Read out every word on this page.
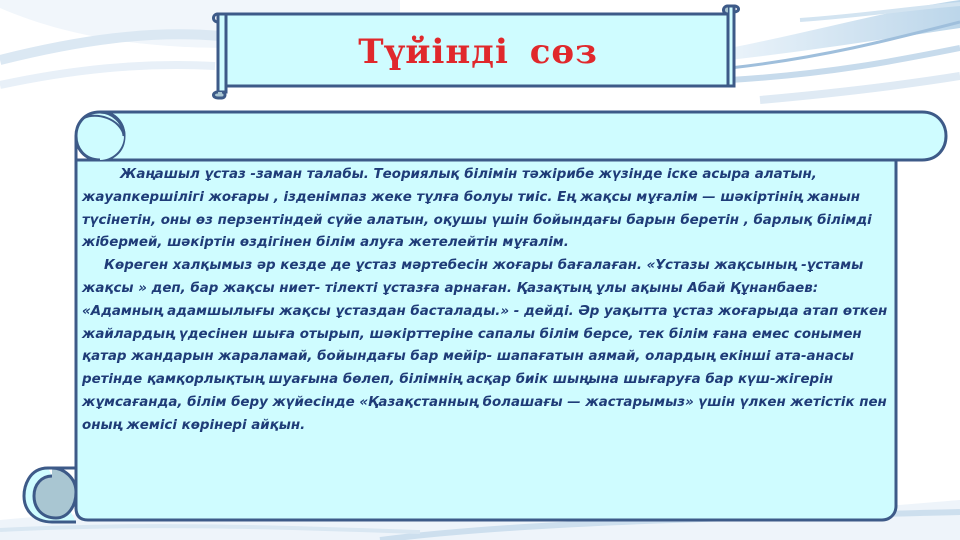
Түйінді сөз

Жаңашыл ұстаз -заман талабы. Теориялық білімін тәжірибе жүзінде іске асыра алатын, жауапкершілігі жоғары , ізденімпаз жеке тұлға болуы тиіс. Ең жақсы мұғалім — шәкіртінің жанын түсінетін, оны өз перзентіндей сүйе алатын, оқушы үшін бойындағы барын беретін , барлық білімді жібермей, шәкіртін өздігінен білім алуға жетелейтін мұғалім.

Көреген халқымыз әр кезде де ұстаз мәртебесін жоғары бағалаған. «Ұстазы жақсының -ұстамы жақсы » деп, бар жақсы ниет- тілекті ұстазға арнаған. Қазақтың ұлы ақыны Абай Құнанбаев: «Адамның адамшылығы жақсы ұстаздан басталады.» - дейді. Әр уақытта ұстаз жоғарыда атап өткен жайлардың үдесінен шыға отырып, шәкірттеріне сапалы білім берсе, тек білім ғана емес сонымен қатар жандарын жараламай, бойындағы бар мейір- шапағатын аямай, олардың екінші ата-анасы ретінде қамқорлықтың шуағына бөлеп, білімнің асқар биік шыңына шығаруға бар күш-жігерін жұмсағанда, білім беру жүйесінде «Қазақстанның болашағы — жастарымыз» үшін үлкен жетістік пен оның жемісі көрінері айқын.
